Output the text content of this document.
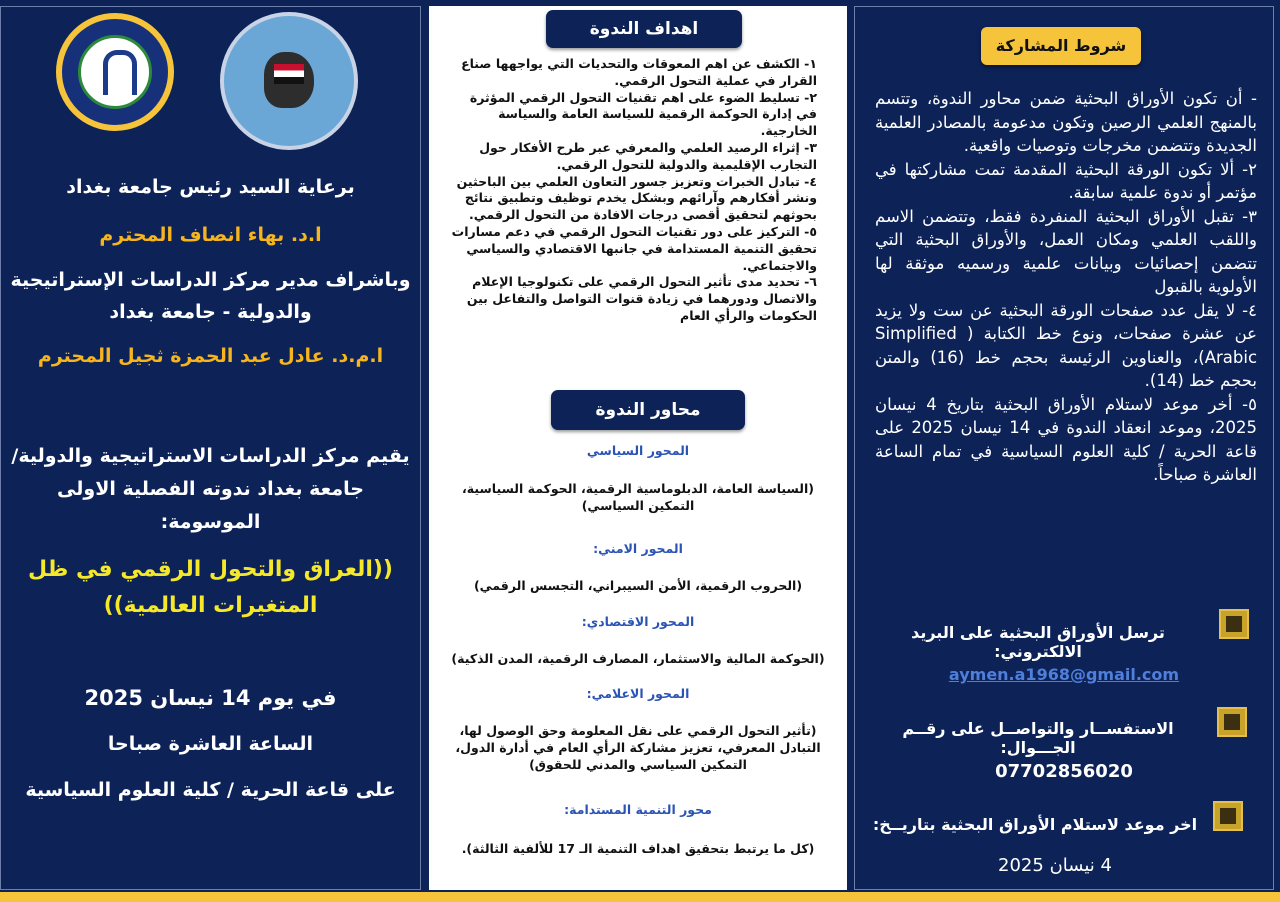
برعاية السيد رئيس جامعة بغداد
ا.د. بهاء انصاف المحترم
وباشراف مدير مركز الدراسات الإستراتيجية والدولية - جامعة بغداد
ا.م.د. عادل عبد الحمزة ثجيل المحترم
يقيم مركز الدراسات الاستراتيجية والدولية/ جامعة بغداد ندوته الفصلية الاولى الموسومة:
((العراق والتحول الرقمي في ظل المتغيرات العالمية))
في يوم 14 نيسان 2025
الساعة العاشرة صباحا
على قاعة الحرية / كلية العلوم السياسية
اهداف الندوة
١- الكشف عن اهم المعوقات والتحديات التي يواجهها صناع القرار في عملية التحول الرقمي.
٢- تسليط الضوء على اهم تقنيات التحول الرقمي المؤثرة في إدارة الحوكمة الرقمية للسياسة العامة والسياسة الخارجية.
٣- إثراء الرصيد العلمي والمعرفي عبر طرح الأفكار حول التجارب الإقليمية والدولية للتحول الرقمي.
٤- تبادل الخبرات وتعزيز جسور التعاون العلمي بين الباحثين ونشر أفكارهم وآرائهم وبشكل يخدم توظيف وتطبيق نتائج بحوثهم لتحقيق أقصى درجات الافادة من التحول الرقمي.
٥- التركيز على دور تقنيات التحول الرقمي في دعم مسارات تحقيق التنمية المستدامة في جانبها الاقتصادي والسياسي والاجتماعي.
٦- تحديد مدى تأثير التحول الرقمي على تكنولوجيا الإعلام والاتصال ودورهما في زيادة قنوات التواصل والتفاعل بين الحكومات والرأي العام
محاور الندوة
المحور السياسي
(السياسة العامة، الدبلوماسية الرقمية، الحوكمة السياسية، التمكين السياسي)
المحور الامني:
(الحروب الرقمية، الأمن السيبراني، التجسس الرقمي)
المحور الاقتصادي:
(الحوكمة المالية والاستثمار، المصارف الرقمية، المدن الذكية)
المحور الاعلامي:
(تأثير التحول الرقمي على نقل المعلومة وحق الوصول لها، التبادل المعرفي، تعزيز مشاركة الرأي العام في أدارة الدول، التمكين السياسي والمدني للحقوق)
محور التنمية المستدامة:
(كل ما يرتبط بتحقيق اهداف التنمية الـ 17 للألفية الثالثة).
شروط المشاركة
- أن تكون الأوراق البحثية ضمن محاور الندوة، وتتسم بالمنهج العلمي الرصين وتكون مدعومة بالمصادر العلمية الجديدة وتتضمن مخرجات وتوصيات واقعية.
٢- ألا تكون الورقة البحثية المقدمة تمت مشاركتها في مؤتمر أو ندوة علمية سابقة.
٣- تقبل الأوراق البحثية المنفردة فقط، وتتضمن الاسم واللقب العلمي ومكان العمل، والأوراق البحثية التي تتضمن إحصائيات وبيانات علمية ورسميه موثقة لها الأولوية بالقبول
٤- لا يقل عدد صفحات الورقة البحثية عن ست ولا يزيد عن عشرة صفحات، ونوع خط الكتابة ( Simplified Arabic)، والعناوين الرئيسة بحجم خط (16) والمتن بحجم خط (14).
٥- أخر موعد لاستلام الأوراق البحثية بتاريخ 4 نيسان 2025، وموعد انعقاد الندوة في 14 نيسان 2025 على قاعة الحرية / كلية العلوم السياسية في تمام الساعة العاشرة صباحاً.
ترسل الأوراق البحثية على البريد الالكتروني:
aymen.a1968@gmail.com
الاستفســار والتواصــل على رقــم الجـــوال:
07702856020
اخر موعد لاستلام الأوراق البحثية بتاريــخ:
4 نيسان 2025
